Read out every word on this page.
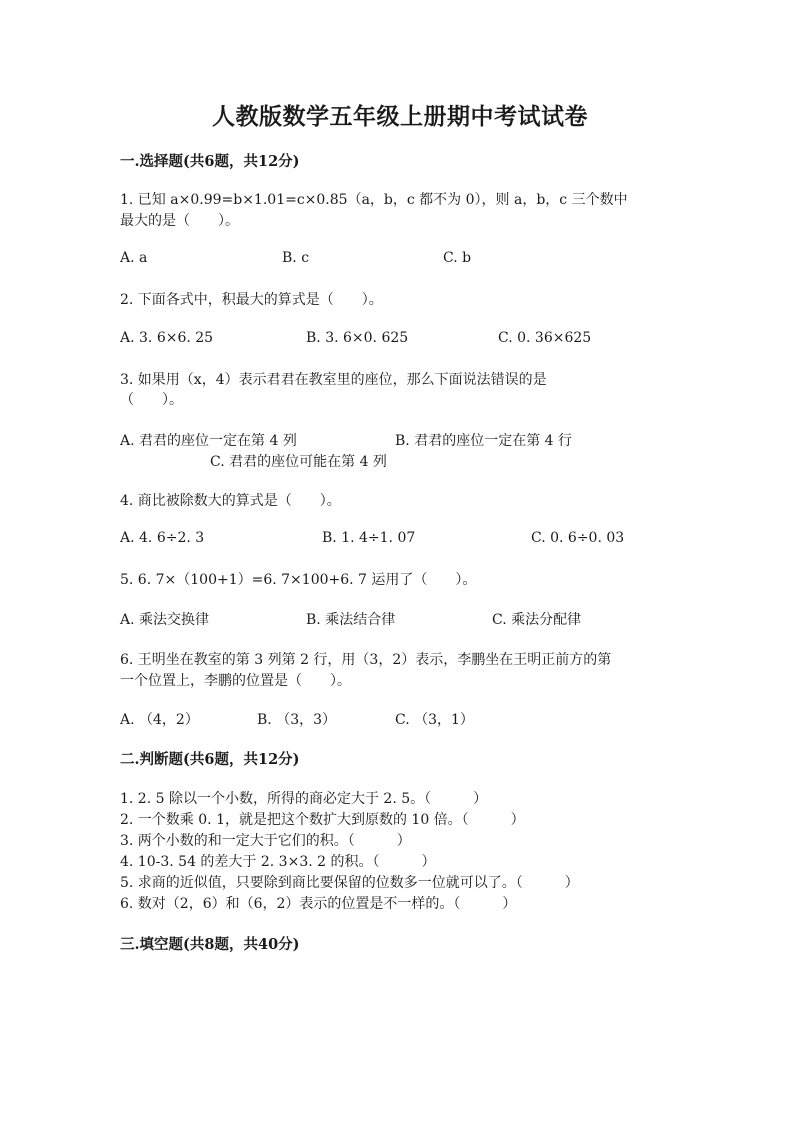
人教版数学五年级上册期中考试试卷
一.选择题(共6题，共12分)
1. 已知 a×0.99=b×1.01=c×0.85（a，b，c 都不为 0），则 a，b，c 三个数中
最大的是（　　）。
A. a	B. c	C. b
2. 下面各式中，积最大的算式是（　　）。
A. 3. 6×6. 25	B. 3. 6×0. 625	C. 0. 36×625
3. 如果用（x，4）表示君君在教室里的座位，那么下面说法错误的是
（　　）。
A. 君君的座位一定在第 4 列	B. 君君的座位一定在第 4 行
C. 君君的座位可能在第 4 列
4. 商比被除数大的算式是（　　）。
A. 4. 6÷2. 3	B. 1. 4÷1. 07	C. 0. 6÷0. 03
5. 6. 7×（100+1）=6. 7×100+6. 7 运用了（　　）。
A. 乘法交换律	B. 乘法结合律	C. 乘法分配律
6. 王明坐在教室的第 3 列第 2 行，用（3，2）表示，李鹏坐在王明正前方的第
一个位置上，李鹏的位置是（　　）。
A. （4，2）	B. （3，3）	C. （3，1）
二.判断题(共6题，共12分)
1. 2. 5 除以一个小数，所得的商必定大于 2. 5。（　　　）
2. 一个数乘 0. 1，就是把这个数扩大到原数的 10 倍。（　　　）
3. 两个小数的和一定大于它们的积。（　　　）
4. 10-3. 54 的差大于 2. 3×3. 2 的积。（　　　）
5. 求商的近似值，只要除到商比要保留的位数多一位就可以了。（　　　）
6. 数对（2，6）和（6，2）表示的位置是不一样的。（　　　）
三.填空题(共8题，共40分)
